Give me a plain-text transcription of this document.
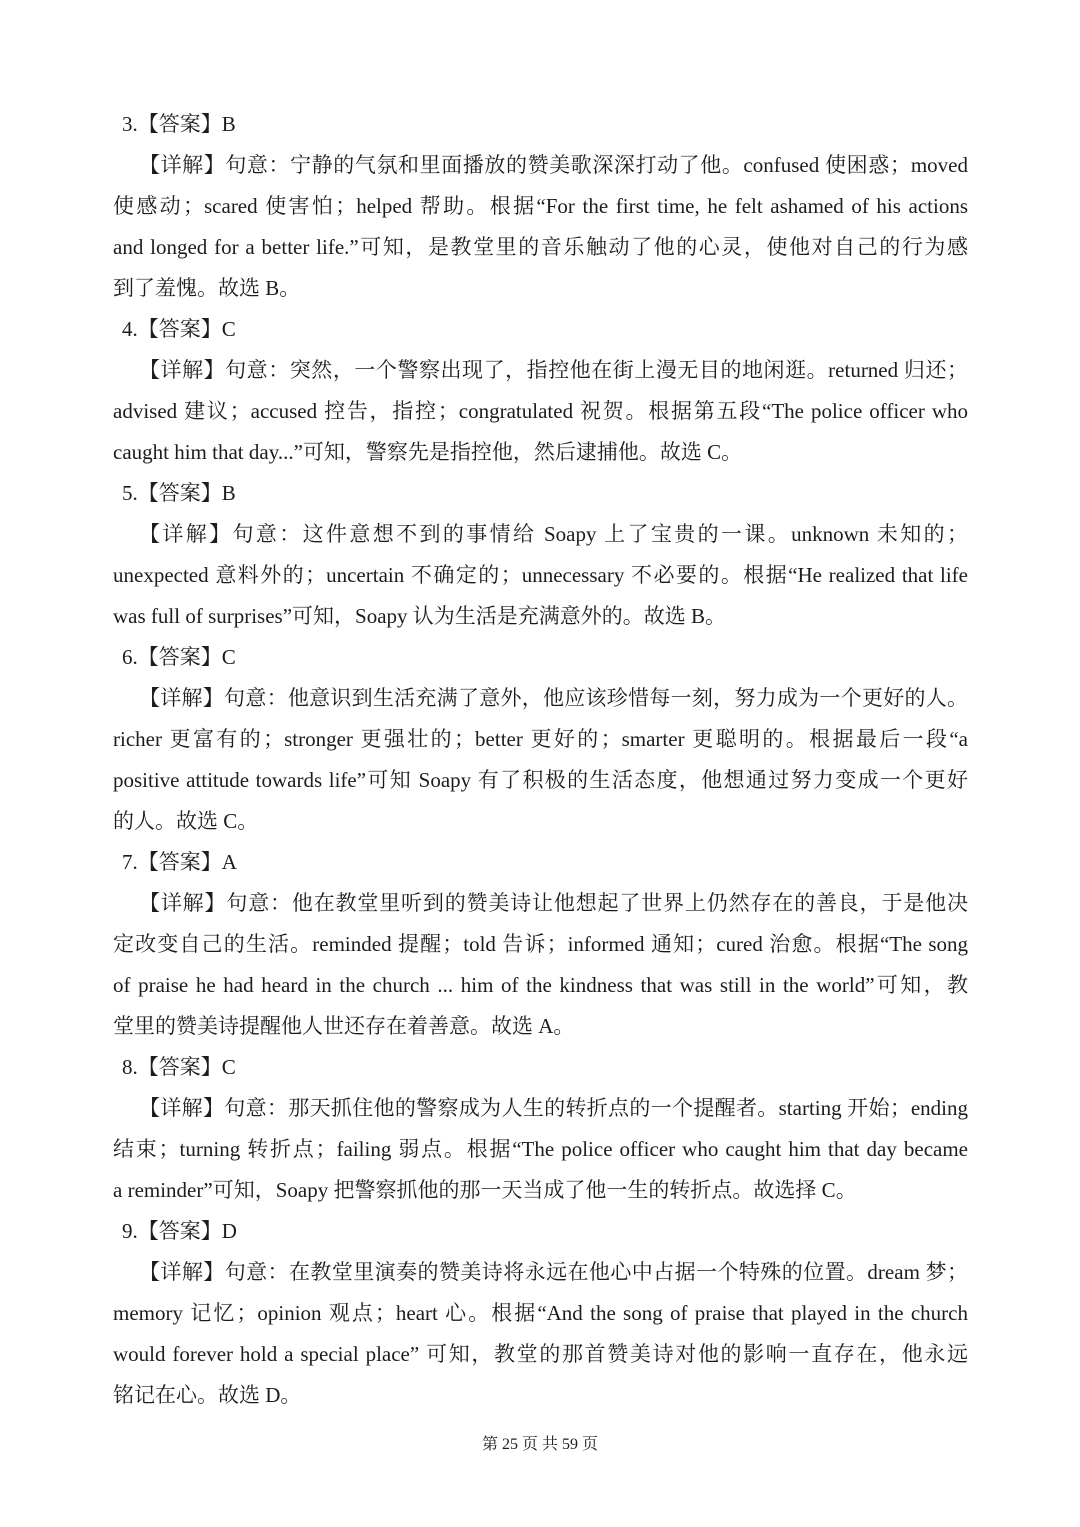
3.【答案】B
【详解】句意：宁静的气氛和里面播放的赞美歌深深打动了他。confused 使困惑；moved
使感动；scared 使害怕；helped 帮助。根据“For the first time, he felt ashamed of his actions
and longed for a better life.”可知，是教堂里的音乐触动了他的心灵，使他对自己的行为感
到了羞愧。故选 B。
4.【答案】C
【详解】句意：突然，一个警察出现了，指控他在街上漫无目的地闲逛。returned 归还；
advised 建议；accused 控告，指控；congratulated 祝贺。根据第五段“The police officer who
caught him that day...”可知，警察先是指控他，然后逮捕他。故选 C。
5.【答案】B
【详解】句意：这件意想不到的事情给 Soapy 上了宝贵的一课。unknown 未知的；
unexpected 意料外的；uncertain 不确定的；unnecessary 不必要的。根据“He realized that life
was full of surprises”可知，Soapy 认为生活是充满意外的。故选 B。
6.【答案】C
【详解】句意：他意识到生活充满了意外，他应该珍惜每一刻，努力成为一个更好的人。
richer 更富有的；stronger 更强壮的；better 更好的；smarter 更聪明的。根据最后一段“a
positive attitude towards life”可知 Soapy 有了积极的生活态度，他想通过努力变成一个更好
的人。故选 C。
7.【答案】A
【详解】句意：他在教堂里听到的赞美诗让他想起了世界上仍然存在的善良，于是他决
定改变自己的生活。reminded 提醒；told 告诉；informed 通知；cured 治愈。根据“The song
of praise he had heard in the church ... him of the kindness that was still in the world”可知，教
堂里的赞美诗提醒他人世还存在着善意。故选 A。
8.【答案】C
【详解】句意：那天抓住他的警察成为人生的转折点的一个提醒者。starting 开始；ending
结束；turning 转折点；failing 弱点。根据“The police officer who caught him that day became
a reminder”可知，Soapy 把警察抓他的那一天当成了他一生的转折点。故选择 C。
9.【答案】D
【详解】句意：在教堂里演奏的赞美诗将永远在他心中占据一个特殊的位置。dream 梦；
memory 记忆；opinion 观点；heart 心。根据“And the song of praise that played in the church
would forever hold a special place” 可知，教堂的那首赞美诗对他的影响一直存在，他永远
铭记在心。故选 D。
第 25 页 共 59 页
